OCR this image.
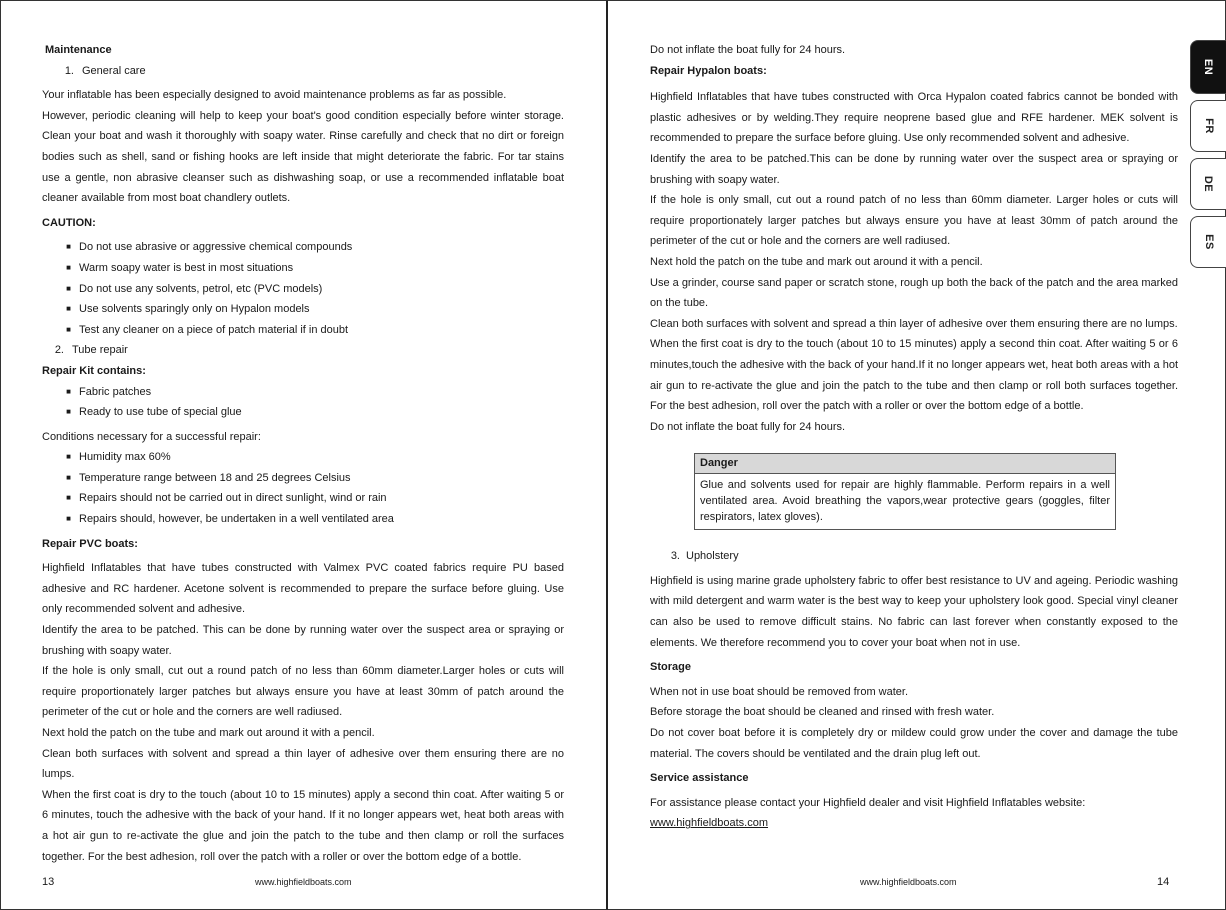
Maintenance

1. General care

Your inflatable has been especially designed to avoid maintenance problems as far as possible.

However, periodic cleaning will help to keep your boat's good condition especially before winter storage. Clean your boat and wash it thoroughly with soapy water. Rinse carefully and check that no dirt or foreign bodies such as shell, sand or fishing hooks are left inside that might deteriorate the fabric. For tar stains use a gentle, non abrasive cleanser such as dishwashing soap, or use a recommended inflatable boat cleaner available from most boat chandlery outlets.

CAUTION:

■ Do not use abrasive or aggressive chemical compounds
■ Warm soapy water is best in most situations
■ Do not use any solvents, petrol, etc (PVC models)
■ Use solvents sparingly only on Hypalon models
■ Test any cleaner on a piece of patch material if in doubt
2. Tube repair

Repair Kit contains:

■ Fabric patches
■ Ready to use tube of special glue

Conditions necessary for a successful repair:

■ Humidity max 60%
■ Temperature range between 18 and 25 degrees Celsius
■ Repairs should not be carried out in direct sunlight, wind or rain
■ Repairs should, however, be undertaken in a well ventilated area

Repair PVC boats:

Highfield Inflatables that have tubes constructed with Valmex PVC coated fabrics require PU based adhesive and RC hardener. Acetone solvent is recommended to prepare the surface before gluing. Use only recommended solvent and adhesive.

Identify the area to be patched. This can be done by running water over the suspect area or spraying or brushing with soapy water.

If the hole is only small, cut out a round patch of no less than 60mm diameter.Larger holes or cuts will require proportionately larger patches but always ensure you have at least 30mm of patch around the perimeter of the cut or hole and the corners are well radiused.

Next hold the patch on the tube and mark out around it with a pencil.

Clean both surfaces with solvent and spread a thin layer of adhesive over them ensuring there are no lumps.

When the first coat is dry to the touch (about 10 to 15 minutes) apply a second thin coat. After waiting 5 or 6 minutes, touch the adhesive with the back of your hand. If it no longer appears wet, heat both areas with a hot air gun to re-activate the glue and join the patch to the tube and then clamp or roll the surfaces together. For the best adhesion, roll over the patch with a roller or over the bottom edge of a bottle.

13	www.highfieldboats.com

Do not inflate the boat fully for 24 hours.

Repair Hypalon boats:

Highfield Inflatables that have tubes constructed with Orca Hypalon coated fabrics cannot be bonded with plastic adhesives or by welding.They require neoprene based glue and RFE hardener. MEK solvent is recommended to prepare the surface before gluing. Use only recommended solvent and adhesive.

Identify the area to be patched.This can be done by running water over the suspect area or spraying or brushing with soapy water.

If the hole is only small, cut out a round patch of no less than 60mm diameter. Larger holes or cuts will require proportionately larger patches but always ensure you have at least 30mm of patch around the perimeter of the cut or hole and the corners are well radiused.

Next hold the patch on the tube and mark out around it with a pencil.

Use a grinder, course sand paper or scratch stone, rough up both the back of the patch and the area marked on the tube.

Clean both surfaces with solvent and spread a thin layer of adhesive over them ensuring there are no lumps.

When the first coat is dry to the touch (about 10 to 15 minutes) apply a second thin coat. After waiting 5 or 6 minutes,touch the adhesive with the back of your hand.If it no longer appears wet, heat both areas with a hot air gun to re-activate the glue and join the patch to the tube and then clamp or roll both surfaces together. For the best adhesion, roll over the patch with a roller or over the bottom edge of a bottle.

Do not inflate the boat fully for 24 hours.

Danger
Glue and solvents used for repair are highly flammable. Perform repairs in a well ventilated area. Avoid breathing the vapors,wear protective gears (goggles, filter respirators, latex gloves).
3. Upholstery

Highfield is using marine grade upholstery fabric to offer best resistance to UV and ageing. Periodic washing with mild detergent and warm water is the best way to keep your upholstery look good. Special vinyl cleaner can also be used to remove difficult stains. No fabric can last forever when constantly exposed to the elements. We therefore recommend you to cover your boat when not in use.

Storage

When not in use boat should be removed from water.

Before storage the boat should be cleaned and rinsed with fresh water.

Do not cover boat before it is completely dry or mildew could grow under the cover and damage the tube material. The covers should be ventilated and the drain plug left out.

Service assistance

For assistance please contact your Highfield dealer and visit Highfield Inflatables website:

www.highfieldboats.com

www.highfieldboats.com	14
EN
FR
DE
ES
